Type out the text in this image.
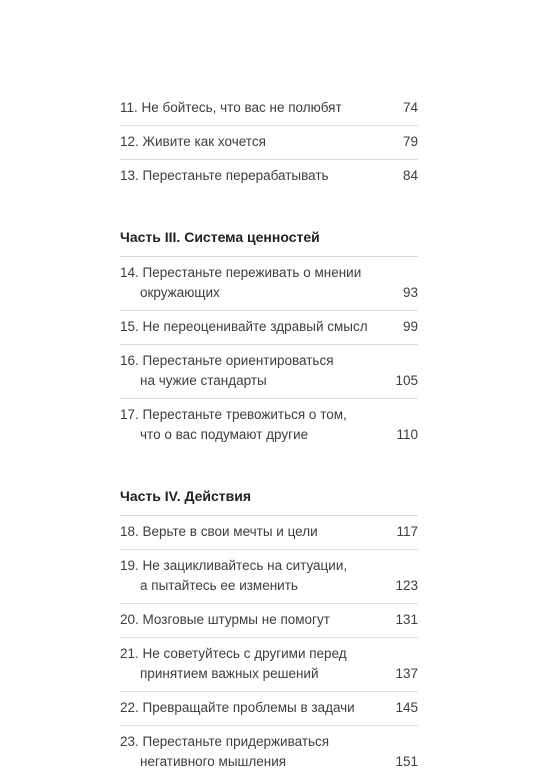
11. Не бойтесь, что вас не полюбят	74
12. Живите как хочется	79
13. Перестаньте перерабатывать	84
Часть III. Система ценностей
14. Перестаньте переживать о мнении
окружающих	93
15. Не переоценивайте здравый смысл	99
16. Перестаньте ориентироваться
на чужие стандарты	105
17. Перестаньте тревожиться о том,
что о вас подумают другие	110
Часть IV. Действия
18. Верьте в свои мечты и цели	117
19. Не зацикливайтесь на ситуации,
а пытайтесь ее изменить	123
20. Мозговые штурмы не помогут	131
21. Не советуйтесь с другими перед
принятием важных решений	137
22. Превращайте проблемы в задачи	145
23. Перестаньте придерживаться
негативного мышления	151
